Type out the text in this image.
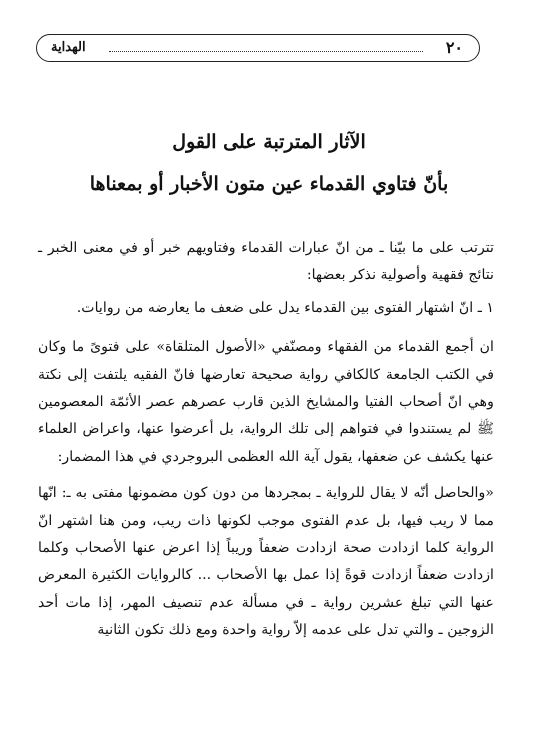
الهداية	٢٠
الآثار المترتبة على القول
بأنّ فتاوي القدماء عين متون الأخبار أو بمعناها

تترتب على ما بيّنا ـ من انّ عبارات القدماء وفتاويهم خبر أو في معنى الخبر ـ نتائج فقهية وأصولية نذكر بعضها:

١ ـ انّ اشتهار الفتوى بين القدماء يدل على ضعف ما يعارضه من روايات.

ان أجمع القدماء من الفقهاء ومصنّفي «الأصول المتلقاة» على فتوىً ما وكان في الكتب الجامعة كالكافي رواية صحيحة تعارضها فانّ الفقيه يلتفت إلى نكتة وهي انّ أصحاب الفتيا والمشايخ الذين قارب عصرهم عصر الأئمّة المعصومين ﷺ لم يستندوا في فتواهم إلى تلك الرواية، بل أعرضوا عنها، واعراض العلماء عنها يكشف عن ضعفها، يقول آية الله العظمى البروجردي في هذا المضمار:

«والحاصل أنّه لا يقال للرواية ـ بمجردها من دون كون مضمونها مفتى به ـ: انّها مما لا ريب فيها، بل عدم الفتوى موجب لكونها ذات ريب، ومن هنا اشتهر انّ الرواية كلما ازدادت صحة ازدادت ضعفاً وريباً إذا اعرض عنها الأصحاب وكلما ازدادت ضعفاً ازدادت قوةً إذا عمل بها الأصحاب ... كالروايات الكثيرة المعرض عنها التي تبلغ عشرين رواية ـ في مسألة عدم تنصيف المهر، إذا مات أحد الزوجين ـ والتي تدل على عدمه إلاّ رواية واحدة ومع ذلك تكون الثانية
